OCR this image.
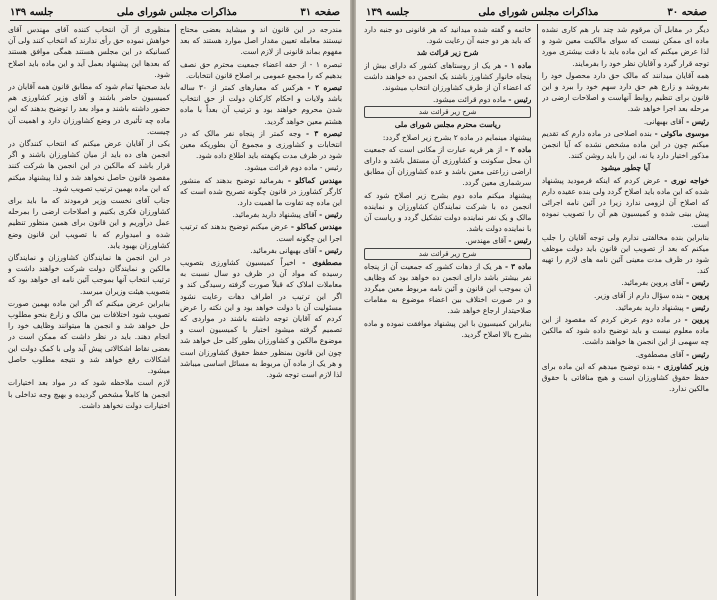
صفحه ۳۱
مذاکرات مجلس شورای ملی
جلسه ۱۳۹

مندرجه در این قانون اند و میشاید بعضی محتاج نیستند معامله تعیین مقدار اصل موارد هستند که بعد مفهوم بماند قانونی از لازم است.

تبصره ۱ - از حقه اعضاء جمعیت محترم حق نصف بدهیم که را مجمع عمومی بر اصلاح قانون انتخابات.

تبصره ۲ - هرکس که معیارهای کمتر از ۳۰ ساله باشد ولایات و احکام کارکنان دولت از حق انتخاب شدن محروم خواهند بود و ترتیب آن بعداً با ماده هشتم معین خواهد گردید.

تبصره ۳ - وجه کمتر از پنجاه نفر مالک که در انتخابات و کشاورزی و مجموع آن بطوریکه معین شود در ظرف مدت یکهفته باید اطلاع داده شود.

رئیس - ماده دوم قرائت میشود.

مهندس کماکلو - بفرمائید توضیح بدهند که منشور کارگر کشاورز در قانون چگونه تصریح شده است که این ماده چه تفاوت ما اهمیت دارد.

رئیس - آقای پیشنهاد دارید بفرمائید.

مهندس کماکلو - عرض میکنم توضیح بدهند که ترتیب اجرا این چگونه است.

رئیس - آقای بهبهانی بفرمائید.

مصطفوی - اخیراً کمیسیون کشاورزی بتصویب رسیده که مواد آن در ظرف دو سال نسبت به معاملات املاک که قبلاً صورت گرفته رسیدگی کند و اگر این ترتیب در اطراف دهات رعایت نشود مسئولیت آن با دولت خواهد بود و این نکته را عرض کردم که آقایان توجه داشته باشند در مواردی که تصمیم گرفته میشود اختیار با کمیسیون است و موضوع مالکین و کشاورزان بطور کلی حل خواهد شد چون این قانون بمنظور حفظ حقوق کشاورزان است و هر یک از ماده آن مربوط به مسائل اساسی میباشد لذا لازم است توجه شود.

منظوری از آن انتخاب کننده آقای مهندس آقای خواهش نموده حق رأی ندارند که انتخاب کنند ولی آن کسانیکه در این مجلس هستند همگی موافق هستند که بعدها این پیشنهاد بعمل آید و این ماده باید اصلاح شود.

باید صحبتها تمام شود که مطابق قانون همه آقایان در کمیسیون حاضر باشند و آقای وزیر کشاورزی هم حضور داشته باشند و مواد بعد را توضیح بدهند که این ماده چه تأثیری در وضع کشاورزان دارد و اهمیت آن چیست.

یکی از آقایان عرض میکنم که انتخاب کنندگان در انجمن های ده باید از میان کشاورزان باشند و اگر قرار باشد که مالکین در این انجمن ها شرکت کنند مقصود قانون حاصل نخواهد شد و لذا پیشنهاد میکنم که این ماده بهمین ترتیب تصویب شود.

جناب آقای نخست وزیر فرمودند که ما باید برای کشاورزان فکری بکنیم و اصلاحات ارضی را بمرحله عمل درآوریم و این قانون برای همین منظور تنظیم شده و امیدوارم که با تصویب این قانون وضع کشاورزان بهبود یابد.

در این انجمن ها نمایندگان کشاورزان و نمایندگان مالکین و نمایندگان دولت شرکت خواهند داشت و ترتیب انتخاب آنها بموجب آئین نامه ای خواهد بود که بتصویب هیئت وزیران میرسد.

بنابراین عرض میکنم که اگر این ماده بهمین صورت تصویب شود اختلافات بین مالک و زارع بنحو مطلوب حل خواهد شد و انجمن ها میتوانند وظایف خود را انجام دهند. باید در نظر داشت که ممکن است در بعضی نقاط اشکالاتی پیش آید ولی با کمک دولت این اشکالات رفع خواهد شد و نتیجه مطلوب حاصل میشود.

لازم است ملاحظه شود که در مواد بعد اختیارات انجمن ها کاملاً مشخص گردیده و بهیچ وجه تداخلی با اختیارات دولت نخواهد داشت.

صفحه ۳۰
مذاکرات مجلس شورای ملی
جلسه ۱۳۹

دیگر در مقابل آن مرقوم شد چند بار هم کاری نشده ماده ای ممکن نیست که سوای مالکیت معین شود و لذا عرض میکنم که این ماده باید با دقت بیشتری مورد توجه قرار گیرد و آقایان نظر خود را بفرمایند.

همه آقایان میدانند که مالک حق دارد محصول خود را بفروشد و زارع هم حق دارد سهم خود را ببرد و این قانون برای تنظیم روابط آنهاست و اصلاحات ارضی در مرحله بعد اجرا خواهد شد.

رئیس - آقای بهبهانی.

موسوی ماکوئی - بنده اصلاحی در ماده دارم که تقدیم میکنم چون در این ماده مشخص نشده که آیا انجمن مذکور اختیار دارد یا نه، این را باید روشن کنند.

آیا چطور میشود

خواجه نوری - عرض کردم که اینکه فرمودید پیشنهاد شده که این ماده باید اصلاح گردد ولی بنده عقیده دارم که اصلاح آن لزومی ندارد زیرا در آئین نامه اجرائی پیش بینی شده و کمیسیون هم آن را تصویب نموده است.

بنابراین بنده مخالفتی ندارم ولی توجه آقایان را جلب میکنم که بعد از تصویب این قانون باید دولت موظف شود در ظرف مدت معینی آئین نامه های لازم را تهیه کند.

رئیس - آقای پروین بفرمائید.

پروین - بنده سؤال دارم از آقای وزیر.

رئیس - پیشنهاد دارید بفرمائید.

پروین - در ماده دوم عرض کردم که مقصود از این ماده معلوم نیست و باید توضیح داده شود که مالکین چه سهمی از این انجمن ها خواهند داشت.

رئیس - آقای مصطفوی.

وزیر کشاورزی - بنده توضیح میدهم که این ماده برای حفظ حقوق کشاورزان است و هیچ منافاتی با حقوق مالکین ندارد.

خاتمه و گفته شده میدانید که هر قانونی دو جنبه دارد که باید هر دو جنبه آن رعایت شود.

شرح زیر قرائت شد

ماده ۱ - هر یک از روستاهای کشور که دارای بیش از پنجاه خانوار کشاورز باشند یک انجمن ده خواهند داشت که اعضاء آن از طرف کشاورزان انتخاب میشوند.

رئیس - ماده دوم قرائت میشود.

شرح زیر قرائت شد

ریاست محترم مجلس شورای ملی

پیشنهاد مینمایم در ماده ۲ بشرح زیر اصلاح گردد:

ماده ۲ - از هر قریه عبارت از مکانی است که جمعیت آن محل سکونت و کشاورزی آن مستقل باشد و دارای اراضی زراعتی معین باشد و عده کشاورزان آن مطابق سرشماری معین گردد.

پیشنهاد میکنم ماده دوم بشرح زیر اصلاح شود که انجمن ده با شرکت نمایندگان کشاورزان و نماینده مالک و یک نفر نماینده دولت تشکیل گردد و ریاست آن با نماینده دولت باشد.

رئیس - آقای مهندس.

شرح زیر قرائت شد

ماده ۳ - هر یک از دهات کشور که جمعیت آن از پنجاه نفر بیشتر باشد دارای انجمن ده خواهد بود که وظایف آن بموجب این قانون و آئین نامه مربوط معین میگردد و در صورت اختلاف بین اعضاء موضوع به مقامات صلاحیتدار ارجاع خواهد شد.

بنابراین کمیسیون با این پیشنهاد موافقت نموده و ماده بشرح بالا اصلاح گردید.
